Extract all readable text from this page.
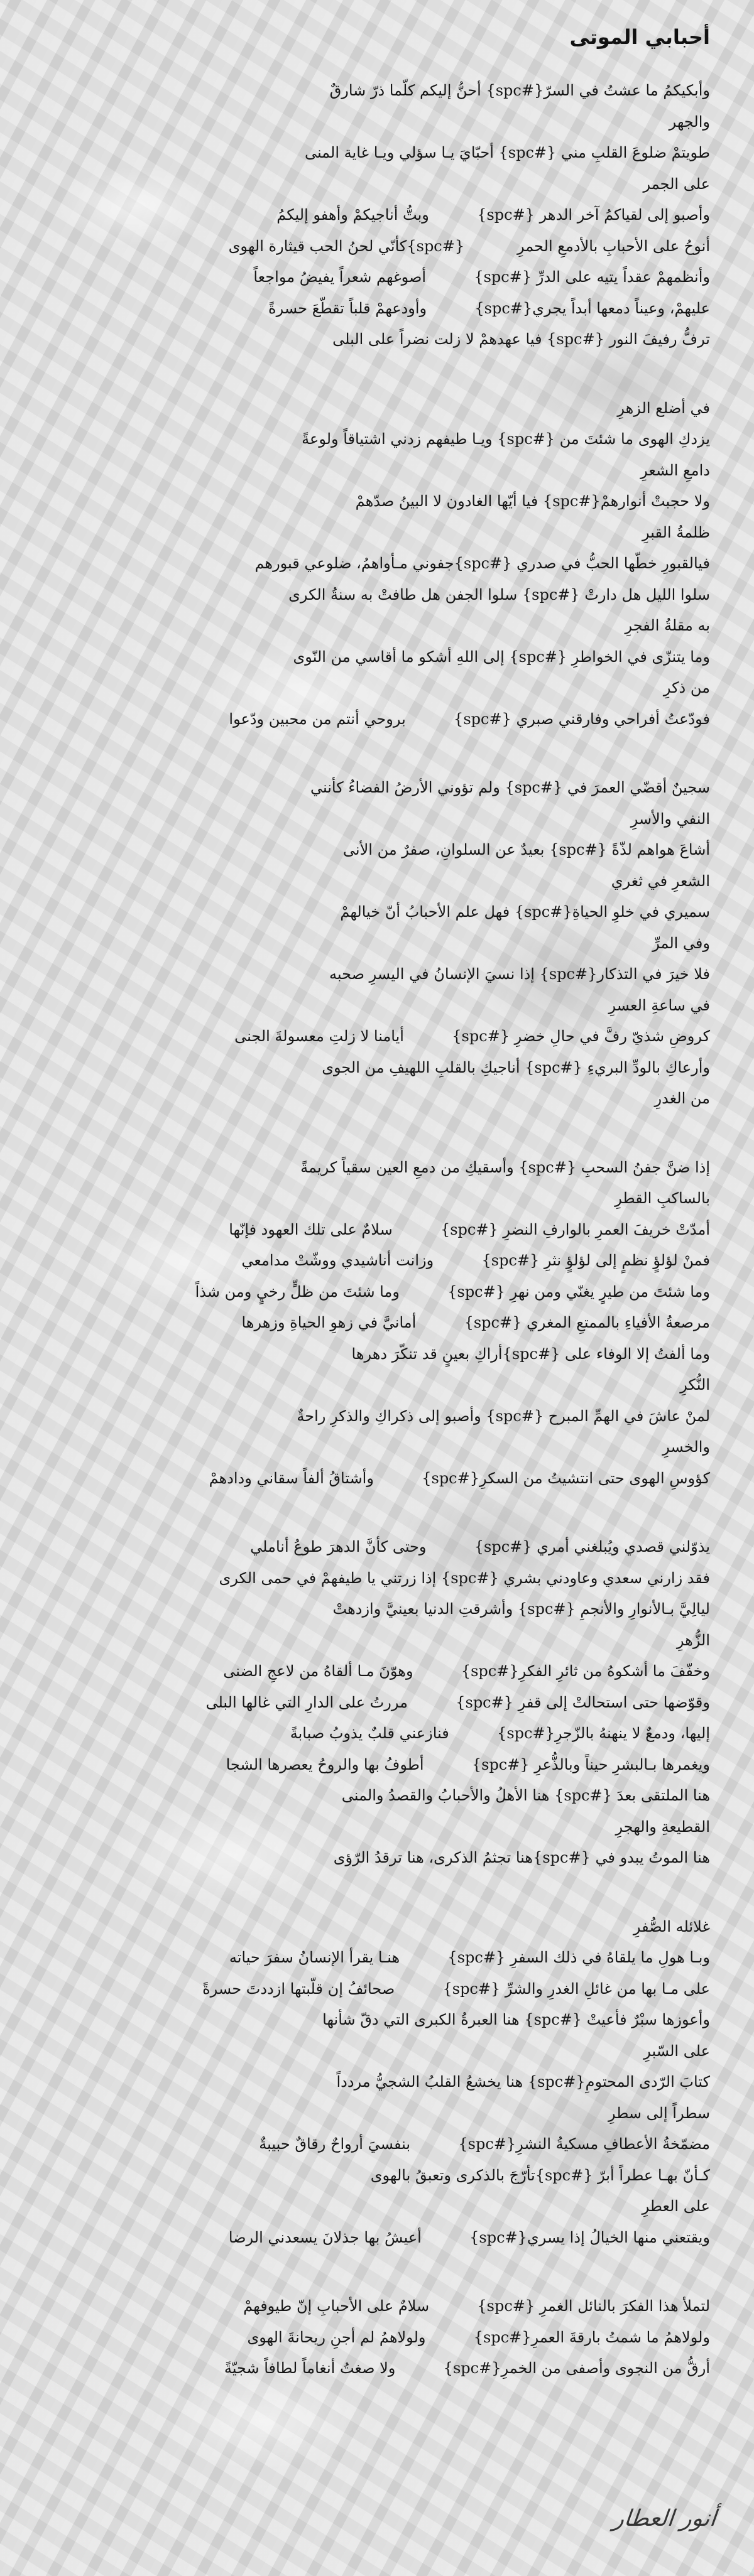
أحبابي الموتى
وأبكيكمُ ما عشتُ في السرّ{#spc} أحنُّ إليكم كلّما ذرّ شارقٌ
والجهر
طويتمْ ضلوعَ القلبِ مني {#spc} أحبّايَ يـا سؤلي ويـا غاية المنى
على الجمر
وأصبو إلى لقياكمُ آخر الدهر {#spc}          وبتُّ أناجيكمْ وأهفو إليكمُ
أنوحُ على الأحبابِ بالأدمعِ الحمرِ           {#spc}كأنّي لحنُ الحب قيثارة الهوى
وأنظمهمْ عقداً يتيه على الدرِّ {#spc}          أصوغهم شعراً يفيضُ مواجعاً
عليهمْ، وعيناً دمعها أبداً يجري{#spc}          وأودعهمْ قلباً تقطّعَ حسرةً
ترفُّ رفيفَ النور {#spc} فيا عهدهمْ لا زلت نضراً على البلى
في أضلع الزهرِ
يزدكِ الهوى ما شئتَ من {#spc} ويـا طيفهم زدني اشتياقاً ولوعةً
دامعِ الشعرِ
ولا حجبتْ أنوارهمْ{#spc} فيا أيّها الغادون لا البينُ صدّهمْ
ظلمةُ القبرِ
فيالقبورِ خطّها الحبُّ في صدري {#spc}جفوني مـأواهمُ، ضلوعي قبورهم
سلوا الليل هل دارتْ {#spc} سلوا الجفن هل طافتْ به سنةُ الكرى
به مقلةُ الفجرِ
وما يتنزّى في الخواطرِ {#spc} إلى اللهِ أشكو ما أقاسي من النّوى
من ذكرِ
فودّعتُ أفراحي وفارقني صبري {#spc}          بروحي أنتم من محبين ودّعوا
سجينٌ أقضّي العمرَ في {#spc} ولم تؤوني الأرضُ الفضاءُ كأنني
النفي والأسرِ
أشاعَ هواهم لذّةً {#spc} بعيدٌ عن السلوانِ، صفرٌ من الأنى
الشعرِ في ثغري
سميري في خلوِ الحياةِ{#spc} فهل علم الأحبابُ أنّ خيالهمْ
وفي المرِّ
فلا خيرَ في التذكار{#spc} إذا نسيَ الإنسانُ في اليسرِ صحبه
في ساعةِ العسرِ
كروضِ شذيّ رفَّ في حالِ خضرِ {#spc}          أيامنا لا زلتِ معسولةَ الجنى
وأرعاكِ بالودِّ البريءِ {#spc} أناجيكِ بالقلبِ اللهيفِ من الجوى
من الغدرِ
إذا ضنَّ جفنُ السحبِ {#spc} وأسقيكِ من دمعِ العين سقياً كريمةً
بالساكبِ القطرِ
أمدّتْ خريفَ العمرِ بالوارفِ النضرِ {#spc}          سلامٌ على تلك العهود فإنّها
فمنْ لؤلؤٍ نظمٍ إلى لؤلؤٍ نثرِ {#spc}          وزانت أناشيدي ووشّتْ مدامعي
وما شئتَ من طيرٍ يغنّي ومن نهرِ {#spc}          وما شئتَ من ظلٍّ رخيٍ ومن شذاً
مرصعةُ الأفياءِ بالممتعِ المغري {#spc}          أمانيَّ في زهوِ الحياةِ وزهرها
وما ألفتُ إلا الوفاء على {#spc}أراكِ بعينٍ قد تنكّرَ دهرها
النُّكرِ
لمنْ عاشَ في الهمِّ المبرح {#spc} وأصبو إلى ذكراكِ والذكرِ راحةٌ
والخسرِ
كؤوسِ الهوى حتى انتشيتُ من السكرِ{#spc}          وأشتاقُ ألفاً سقاني ودادهمْ
يذوّلني قصدي ويُبلغني أمري {#spc}          وحتى كأنَّ الدهرَ طوعُ أناملي
فقد زارني سعدي وعاودني بشري {#spc} إذا زرتني يا طيفهمْ في حمى الكرى
ليالِيَّ بـالأنوارِ والأنجمِ {#spc} وأشرقتِ الدنيا بعينيَّ وازدهتْ
الزُّهرِ
وخفّفَ ما أشكوهُ من ثائرِ الفكرِ{#spc}          وهوّنَ مـا ألقاهُ من لاعجِ الضنى
وقوّضها حتى استحالتْ إلى قفرِ {#spc}          مررتُ على الدارِ التي غالها البلى
إليها، ودمعٌ لا ينهنهُ بالزّجرِ{#spc}          فنازعني قلبٌ يذوبُ صبابةً
ويغمرها بـالبشرِ حيناً وبالذُّعرِ {#spc}          أطوفُ بها والروحُ يعصرها الشجا
هنا الملتقى بعدَ {#spc} هنا الأهلُ والأحبابُ والقصدُ والمنى
القطيعةِ والهجرِ
هنا الموتُ يبدو في {#spc}هنا تجثمُ الذكرى، هنا ترقدُ الرّؤى
غلائله الصُّفرِ
وبـا هولِ ما يلقاهُ في ذلك السفرِ {#spc}          هنـا يقرأ الإنسانُ سفرَ حياته
على مـا بها من غائلِ الغدرِ والشرِّ {#spc}          صحائفُ إن قلّبتها ازددتَ حسرةً
وأعوزها سبْرٌ فأعيتْ {#spc} هنا العبرةُ الكبرى التي دقّ شأنها
على السّبرِ
كتابَ الرّدى المحتومِ{#spc} هنا يخشعُ القلبُ الشجيُّ مردداً
سطراً إلى سطرِ
مضمّخةُ الأعطافِ مسكيةُ النشرِ{#spc}          بنفسيَ أرواحٌ رقاقٌ حبيبةٌ
كـأنّ بهـا عطراً أبرّ {#spc}تأرّجَ بالذكرى وتعبقُ بالهوى
على العطرِ
ويقتعني منها الخيالُ إذا يسري{#spc}          أعيشُ بها جذلانَ يسعدني الرضا
لتملأ هذا الفكرَ بالنائل الغمرِ {#spc}          سلامٌ على الأحبابِ إنّ طيوفهمْ
ولولاهمُ ما شمتُ بارقةَ العمرِ{#spc}          ولولاهمُ لم أجنِ ريحانةَ الهوى
أرقُّ من النجوى وأصفى من الخمرِ{#spc}          ولا صغتُ أنغاماً لطافاً شجيّةً
أنور العطار
